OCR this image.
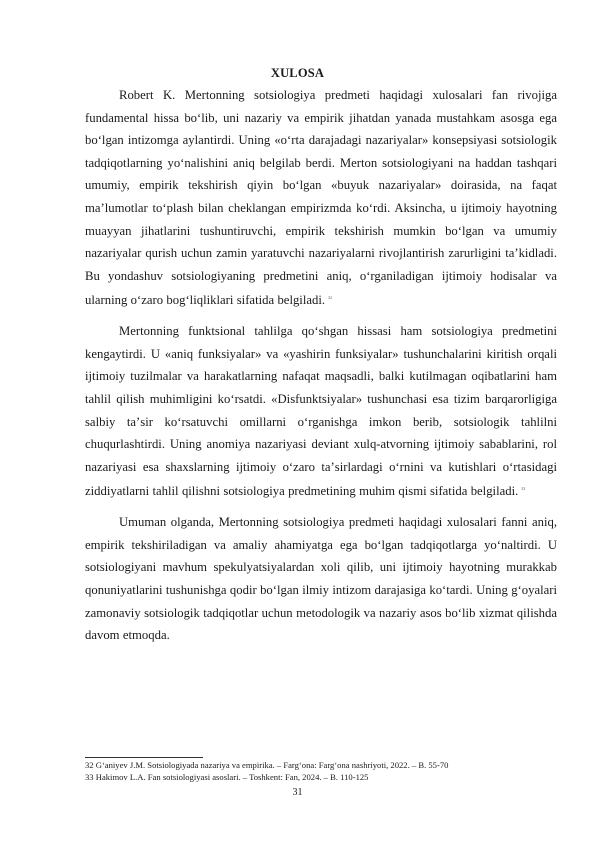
XULOSA

Robert K. Mertonning sotsiologiya predmeti haqidagi xulosalari fan rivojiga fundamental hissa boʻlib, uni nazariy va empirik jihatdan yanada mustahkam asosga ega boʻlgan intizomga aylantirdi. Uning «oʻrta darajadagi nazariyalar» konsepsiyasi sotsiologik tadqiqotlarning yoʻnalishini aniq belgilab berdi. Merton sotsiologiyani na haddan tashqari umumiy, empirik tekshirish qiyin boʻlgan «buyuk nazariyalar» doirasida, na faqat maʼlumotlar toʻplash bilan cheklangan empirizmda koʻrdi. Aksincha, u ijtimoiy hayotning muayyan jihatlarini tushuntiruvchi, empirik tekshirish mumkin boʻlgan va umumiy nazariyalar qurish uchun zamin yaratuvchi nazariyalarni rivojlantirish zarurligini taʼkidladi. Bu yondashuv sotsiologiyaning predmetini aniq, oʻrganiladigan ijtimoiy hodisalar va ularning oʻzaro bogʻliqliklari sifatida belgiladi. $^{32}$

Mertonning funktsional tahlilga qoʻshgan hissasi ham sotsiologiya predmetini kengaytirdi. U «aniq funksiyalar» va «yashirin funksiyalar» tushunchalarini kiritish orqali ijtimoiy tuzilmalar va harakatlarning nafaqat maqsadli, balki kutilmagan oqibatlarini ham tahlil qilish muhimligini koʻrsatdi. «Disfunktsiyalar» tushunchasi esa tizim barqarorligiga salbiy taʼsir koʻrsatuvchi omillarni oʻrganishga imkon berib, sotsiologik tahlilni chuqurlashtirdi. Uning anomiya nazariyasi deviant xulq-atvorning ijtimoiy sabablarini, rol nazariyasi esa shaxslarning ijtimoiy oʻzaro taʼsirlardagi oʻrnini va kutishlari oʻrtasidagi ziddiyatlarni tahlil qilishni sotsiologiya predmetining muhim qismi sifatida belgiladi. $^{33}$

Umuman olganda, Mertonning sotsiologiya predmeti haqidagi xulosalari fanni aniq, empirik tekshiriladigan va amaliy ahamiyatga ega boʻlgan tadqiqotlarga yoʻnaltirdi. U sotsiologiyani mavhum spekulyatsiyalardan xoli qilib, uni ijtimoiy hayotning murakkab qonuniyatlarini tushunishga qodir boʻlgan ilmiy intizom darajasiga koʻtardi. Uning gʻoyalari zamonaviy sotsiologik tadqiqotlar uchun metodologik va nazariy asos boʻlib xizmat qilishda davom etmoqda.

32 Gʻaniyev J.M. Sotsiologiyada nazariya va empirika. – Fargʻona: Fargʻona nashriyoti, 2022. – B. 55-70

33 Hakimov L.A. Fan sotsiologiyasi asoslari. – Toshkent: Fan, 2024. – B. 110-125

31
